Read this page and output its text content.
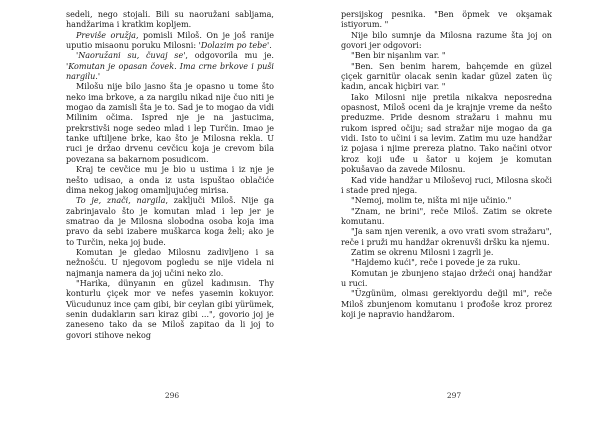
sedeli, nego stojali. Bili su naoružani sabljama, handžarima i kratkim kopljem.

Previše oružja, pomisli Miloš. On je još ranije uputio misaonu poruku Milosni: 'Dolazim po tebe'.

'Naoružani su, čuvaj se', odgovorila mu je. 'Komutan je opasan čovek. Ima crne brkove i puši nargilu.'

Milošu nije bilo jasno šta je opasno u tome što neko ima brkove, a za nargilu nikad nije čuo niti je mogao da zamisli šta je to. Sad je to mogao da vidi Milinim očima. Ispred nje je na jastucima, prekrstivši noge sedeo mlad i lep Turčin. Imao je tanke uftiljene brke, kao što je Milosna rekla. U ruci je držao drvenu cevčicu koja je crevom bila povezana sa bakarnom posudicom.

Kraj te cevčice mu je bio u ustima i iz nje je nešto udisao, a onda iz usta ispuštao oblačiće dima nekog jakog omamljujućeg mirisa.

To je, znači, nargila, zaključi Miloš. Nije ga zabrinjavalo što je komutan mlad i lep jer je smatrao da je Milosna slobodna osoba koja ima pravo da sebi izabere muškarca koga želi; ako je to Turčin, neka joj bude.

Komutan je gledao Milosnu zadivljeno i sa nežnošću. U njegovom pogledu se nije videla ni najmanja namera da joj učini neko zlo.

"Harika, dünyanın en güzel kadınısın. Thy konturlu çiçek mor ve nefes yasemin kokuyor. Vücudunuz ince çam gibi, bir ceylan gibi yürümek, senin dudakların sarı kiraz gibi ...", govorio joj je zaneseno tako da se Miloš zapitao da li joj to govori stihove nekog

296

persijskog pesnika. "Ben öpmek ve okşamak istiyorum. "

Nije bilo sumnje da Milosna razume šta joj on govori jer odgovori:

"Ben bir nişanlım var. "

"Ben. Sen benim harem, bahçemde en güzel çiçek garnitür olacak senin kadar güzel zaten üç kadın, ancak hiçbiri var. "

Iako Milosni nije pretila nikakva neposredna opasnost, Miloš oceni da je krajnje vreme da nešto preduzme. Pride desnom stražaru i mahnu mu rukom ispred očiju; sad stražar nije mogao da ga vidi. Isto to učini i sa levim. Zatim mu uze handžar iz pojasa i njime prereza platno. Tako načini otvor kroz koji uđe u šator u kojem je komutan pokušavao da zavede Milosnu.

Kad vide handžar u Miloševoj ruci, Milosna skoči i stade pred njega.

"Nemoj, molim te, ništa mi nije učinio."

"Znam, ne brini", reče Miloš. Zatim se okrete komutanu.

"Ja sam njen verenik, a ovo vrati svom stražaru", reče i pruži mu handžar okrenuvši dršku ka njemu.

Zatim se okrenu Milosni i zagrli je.

"Hajdemo kući", reče i povede je za ruku.

Komutan je zbunjeno stajao držeći onaj handžar u ruci.

"Üzgünüm, olması gerekiyordu değil mi", reče Miloš zbunjenom komutanu i prođoše kroz prorez koji je napravio handžarom.

297
